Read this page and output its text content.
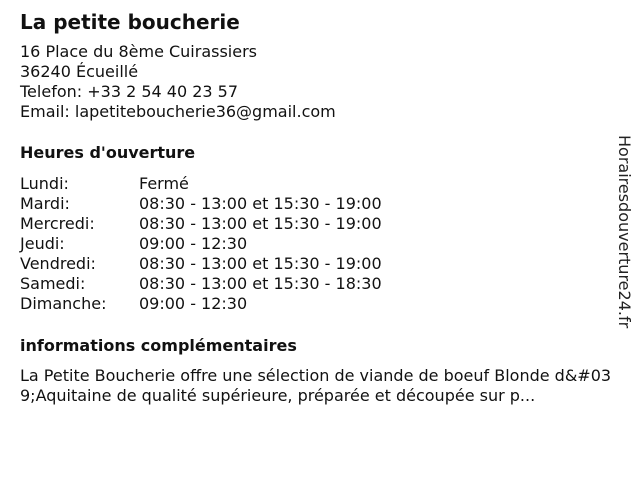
La petite boucherie
16 Place du 8ème Cuirassiers
36240 Écueillé
Telefon: +33 2 54 40 23 57
Email: lapetiteboucherie36@gmail.com
Heures d'ouverture
Lundi:	Fermé
Mardi:	08:30 - 13:00 et 15:30 - 19:00
Mercredi:	08:30 - 13:00 et 15:30 - 19:00
Jeudi:	09:00 - 12:30
Vendredi:	08:30 - 13:00 et 15:30 - 19:00
Samedi:	08:30 - 13:00 et 15:30 - 18:30
Dimanche:	09:00 - 12:30
informations complémentaires
La Petite Boucherie offre une sélection de viande de boeuf Blonde d&#039;Aquitaine de qualité supérieure, préparée et découpée sur p...
Horairesdouverture24.fr
